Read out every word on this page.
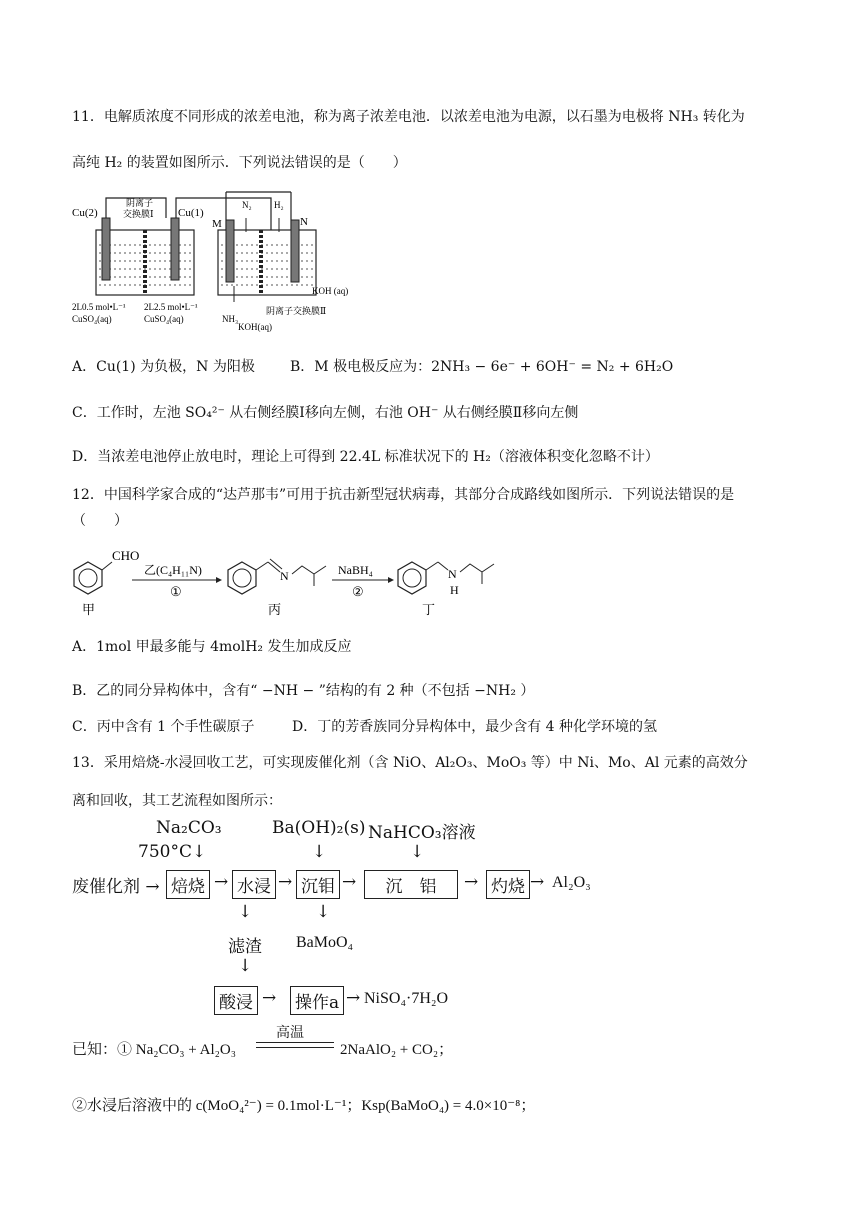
11．电解质浓度不同形成的浓差电池，称为离子浓差电池．以浓差电池为电源，以石墨为电极将 NH₃ 转化为
高纯 H₂ 的装置如图所示．下列说法错误的是（　　）
Cu(2)	Cu(1)
阴离子
交换膜Ⅰ
M	N
N₂ H₂
2L0.5 mol•L⁻¹
CuSO₄(aq)
2L2.5 mol•L⁻¹
CuSO₄(aq)	NH₃
KOH(aq)
KOH (aq)
阴离子交换膜Ⅱ
A．Cu(1) 为负极，N 为阳极	B．M 极电极反应为：2NH₃ − 6e⁻ + 6OH⁻ = N₂ + 6H₂O
C．工作时，左池 SO₄²⁻ 从右侧经膜Ⅰ移向左侧，右池 OH⁻ 从右侧经膜Ⅱ移向左侧
D．当浓差电池停止放电时，理论上可得到 22.4L 标准状况下的 H₂（溶液体积变化忽略不计）
12．中国科学家合成的“达芦那韦”可用于抗击新型冠状病毒，其部分合成路线如图所示．下列说法错误的是
（　　）
CHO
甲
乙(C₄H₁₁N)
①
N
丙
NaBH₄
②
N
H
丁
A．1mol 甲最多能与 4molH₂ 发生加成反应
B．乙的同分异构体中，含有“ −NH − ”结构的有 2 种（不包括 −NH₂ ）
C．丙中含有 1 个手性碳原子	D．丁的芳香族同分异构体中，最少含有 4 种化学环境的氢
13．采用焙烧-水浸回收工艺，可实现废催化剂（含 NiO、Al₂O₃、MoO₃ 等）中 Ni、Mo、Al 元素的高效分
离和回收，其工艺流程如图所示：
Na₂CO₃
750°C↓
Ba(OH)₂(s)
↓
NaHCO₃溶液
↓
废催化剂 → 焙烧 → 水浸 → 沉钼 →	沉　铝	→ 灼烧 → Al₂O₃
↓	↓
滤渣 BaMoO₄
↓
酸浸 → 操作a → NiSO₄·7H₂O
已知：① Na₂CO₃ + Al₂O₃
高温
2NaAlO₂ + CO₂；
②水浸后溶液中的 c(MoO₄²⁻) = 0.1mol·L⁻¹；Ksp(BaMoO₄) = 4.0×10⁻⁸；
